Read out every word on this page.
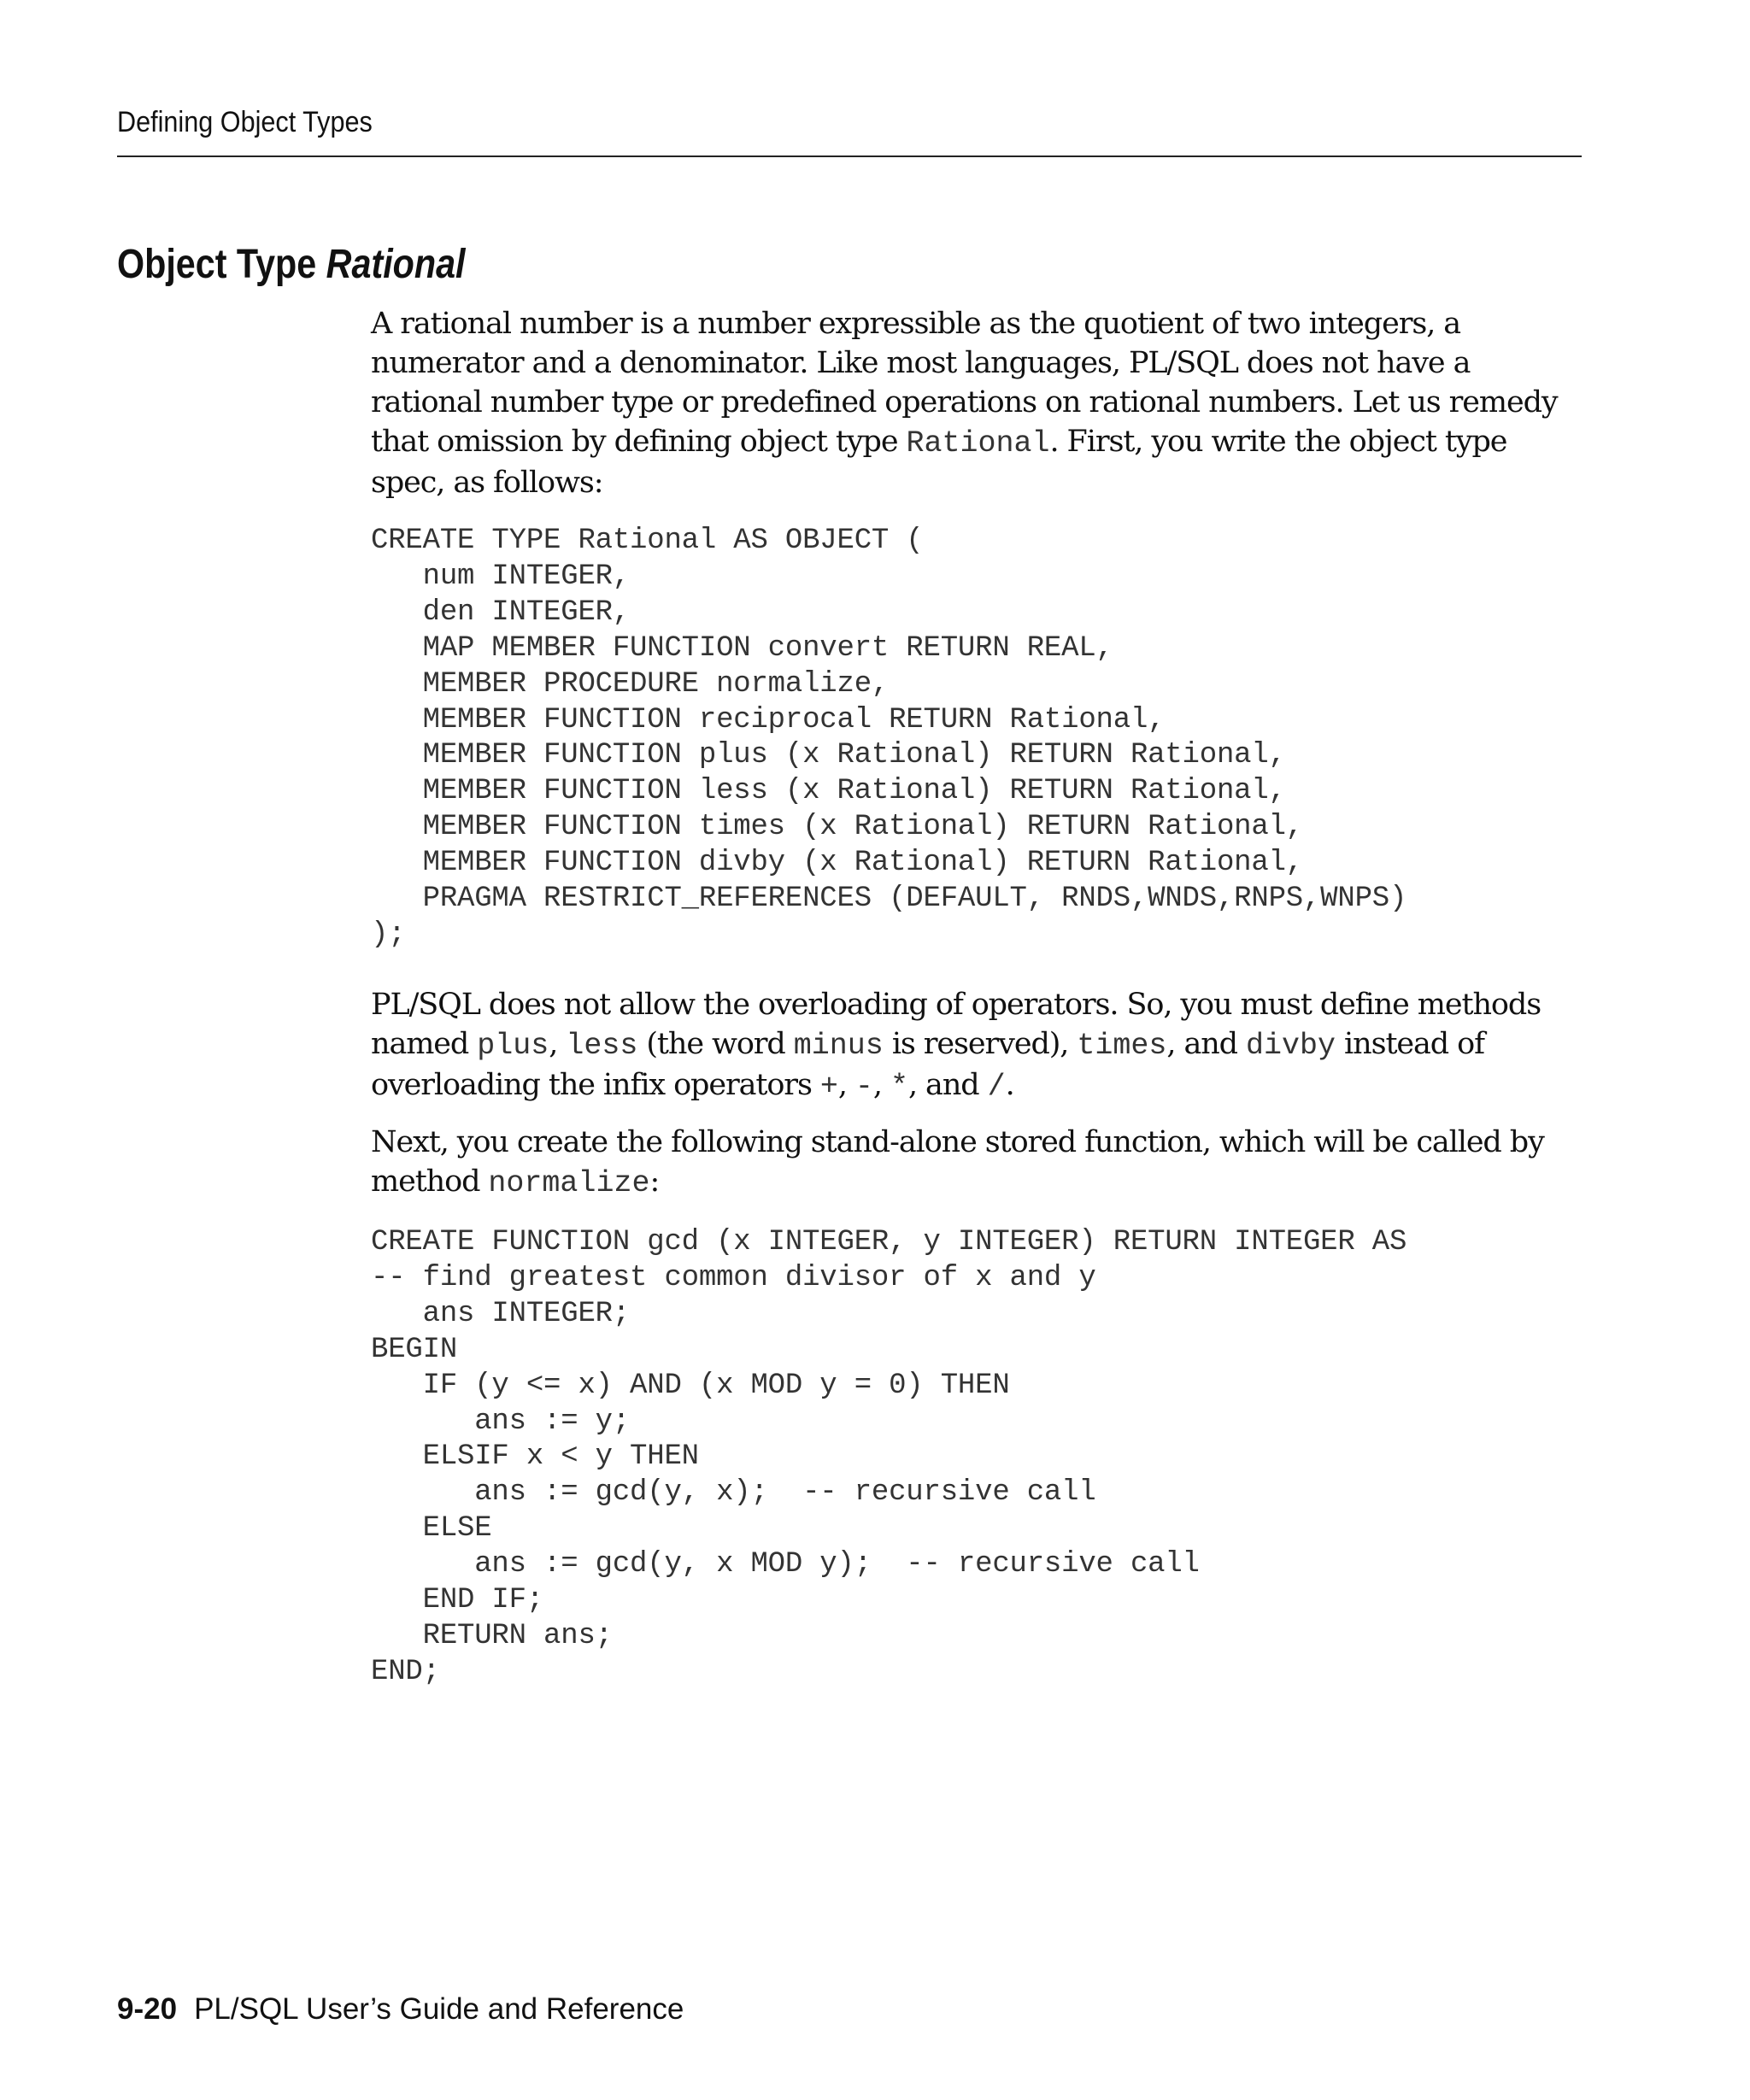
Defining Object Types
Object Type Rational

A rational number is a number expressible as the quotient of two integers, a numerator and a denominator. Like most languages, PL/SQL does not have a rational number type or predefined operations on rational numbers. Let us remedy that omission by defining object type Rational. First, you write the object type spec, as follows:

CREATE TYPE Rational AS OBJECT (
num INTEGER,
den INTEGER,
MAP MEMBER FUNCTION convert RETURN REAL,
MEMBER PROCEDURE normalize,
MEMBER FUNCTION reciprocal RETURN Rational,
MEMBER FUNCTION plus (x Rational) RETURN Rational,
MEMBER FUNCTION less (x Rational) RETURN Rational,
MEMBER FUNCTION times (x Rational) RETURN Rational,
MEMBER FUNCTION divby (x Rational) RETURN Rational,
PRAGMA RESTRICT_REFERENCES (DEFAULT, RNDS,WNDS,RNPS,WNPS)
);

PL/SQL does not allow the overloading of operators. So, you must define methods named plus, less (the word minus is reserved), times, and divby instead of overloading the infix operators +, -, *, and /.

Next, you create the following stand-alone stored function, which will be called by method normalize:

CREATE FUNCTION gcd (x INTEGER, y INTEGER) RETURN INTEGER AS
-- find greatest common divisor of x and y
ans INTEGER;
BEGIN
IF (y <= x) AND (x MOD y = 0) THEN
ans := y;
ELSIF x < y THEN
ans := gcd(y, x);  -- recursive call
ELSE
ans := gcd(y, x MOD y);  -- recursive call
END IF;
RETURN ans;
END;
9-20 PL/SQL User’s Guide and Reference
